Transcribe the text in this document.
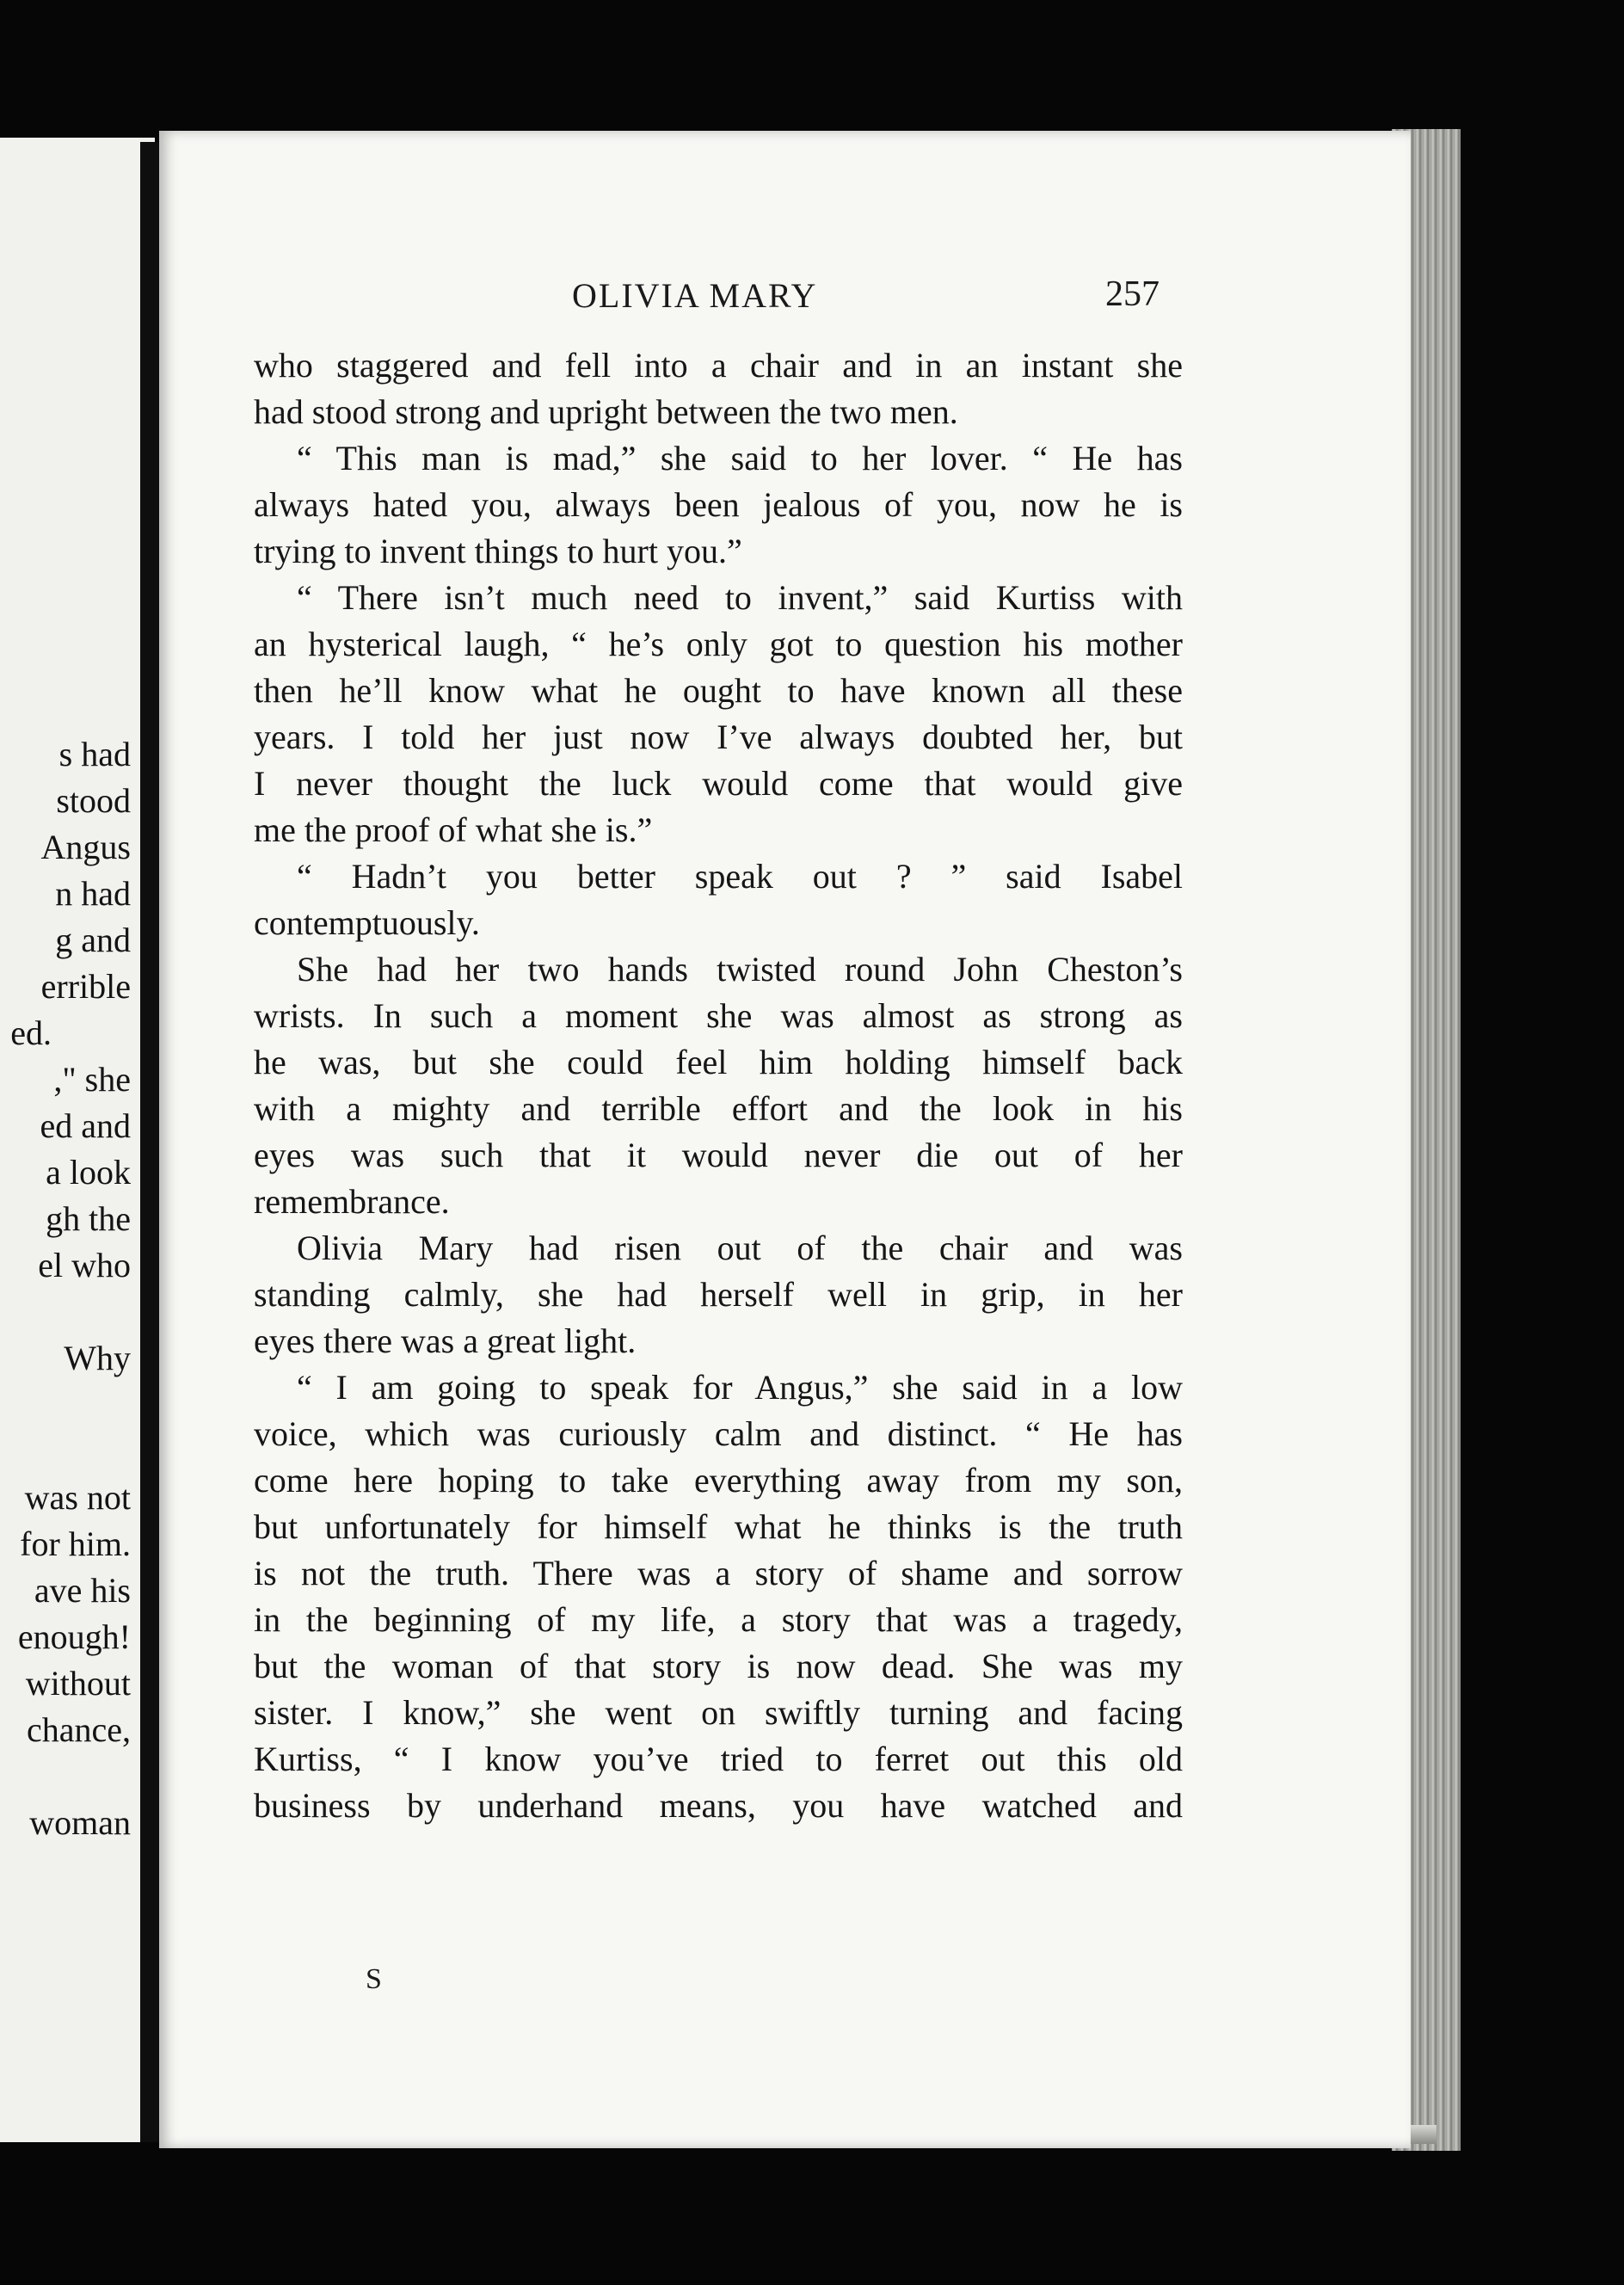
s had
stood
Angus
n had
g and
errible
ed.
," she
ed and
a look
gh the
el who
Why
was not
for him.
ave his
enough!
without
chance,
woman
OLIVIA MARY	257
who staggered and fell into a chair and in an instant she
had stood strong and upright between the two men.
“ This man is mad,” she said to her lover. “ He has
always hated you, always been jealous of you, now he is
trying to invent things to hurt you.”
“ There isn’t much need to invent,” said Kurtiss with
an hysterical laugh, “ he’s only got to question his mother
then he’ll know what he ought to have known all these
years. I told her just now I’ve always doubted her, but
I never thought the luck would come that would give
me the proof of what she is.”
“ Hadn’t you better speak out ? ” said Isabel
contemptuously.
She had her two hands twisted round John Cheston’s
wrists. In such a moment she was almost as strong as
he was, but she could feel him holding himself back
with a mighty and terrible effort and the look in his
eyes was such that it would never die out of her
remembrance.
Olivia Mary had risen out of the chair and was
standing calmly, she had herself well in grip, in her
eyes there was a great light.
“ I am going to speak for Angus,” she said in a low
voice, which was curiously calm and distinct. “ He has
come here hoping to take everything away from my son,
but unfortunately for himself what he thinks is the truth
is not the truth. There was a story of shame and sorrow
in the beginning of my life, a story that was a tragedy,
but the woman of that story is now dead. She was my
sister. I know,” she went on swiftly turning and facing
Kurtiss, “ I know you’ve tried to ferret out this old
business by underhand means, you have watched and
S
